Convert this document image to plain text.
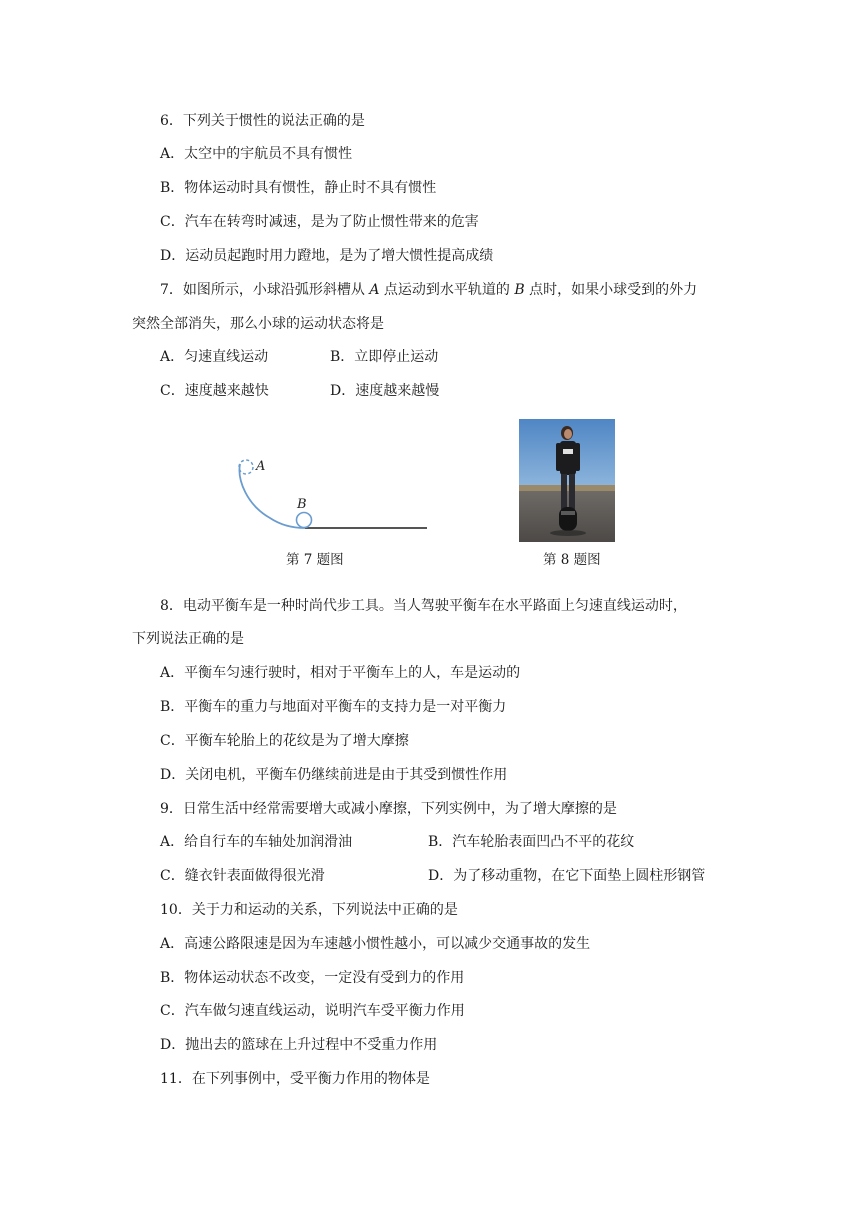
6．下列关于惯性的说法正确的是
A．太空中的宇航员不具有惯性
B．物体运动时具有惯性，静止时不具有惯性
C．汽车在转弯时减速，是为了防止惯性带来的危害
D．运动员起跑时用力蹬地，是为了增大惯性提高成绩
7．如图所示，小球沿弧形斜槽从 A 点运动到水平轨道的 B 点时，如果小球受到的外力
突然全部消失，那么小球的运动状态将是
A．匀速直线运动	B．立即停止运动
C．速度越来越快	D．速度越来越慢
A
B
第 7 题图	第 8 题图
8．电动平衡车是一种时尚代步工具。当人驾驶平衡车在水平路面上匀速直线运动时，
下列说法正确的是
A．平衡车匀速行驶时，相对于平衡车上的人，车是运动的
B．平衡车的重力与地面对平衡车的支持力是一对平衡力
C．平衡车轮胎上的花纹是为了增大摩擦
D．关闭电机，平衡车仍继续前进是由于其受到惯性作用
9．日常生活中经常需要增大或减小摩擦，下列实例中，为了增大摩擦的是
A．给自行车的车轴处加润滑油	B．汽车轮胎表面凹凸不平的花纹
C．缝衣针表面做得很光滑	D．为了移动重物，在它下面垫上圆柱形钢管
10．关于力和运动的关系，下列说法中正确的是
A．高速公路限速是因为车速越小惯性越小，可以减少交通事故的发生
B．物体运动状态不改变，一定没有受到力的作用
C．汽车做匀速直线运动，说明汽车受平衡力作用
D．抛出去的篮球在上升过程中不受重力作用
11．在下列事例中，受平衡力作用的物体是
